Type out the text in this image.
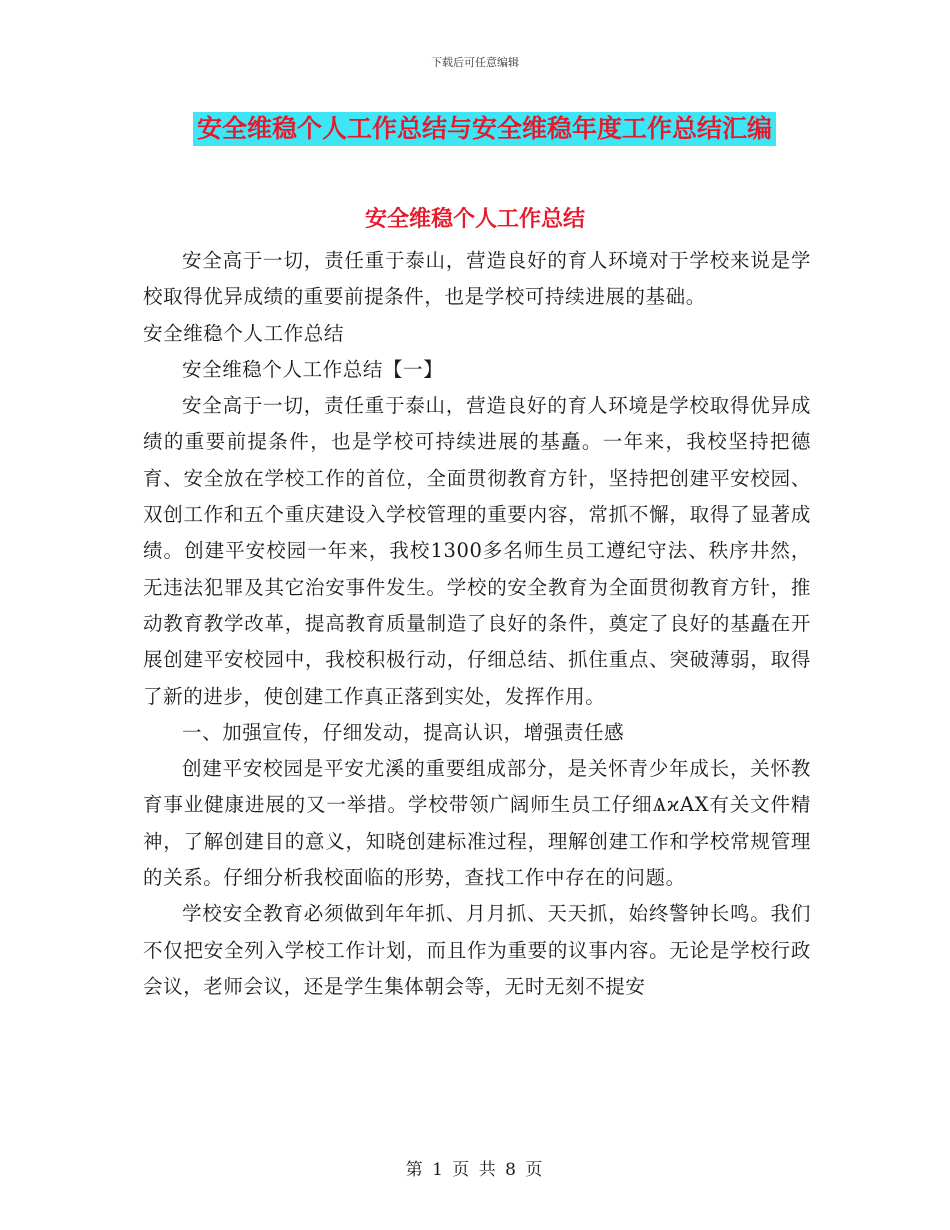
下载后可任意编辑
安全维稳个人工作总结与安全维稳年度工作总结汇编
安全维稳个人工作总结

安全高于一切，责任重于泰山，营造良好的育人环境对于学校来说是学校取得优异成绩的重要前提条件，也是学校可持续进展的基础。

安全维稳个人工作总结

安全维稳个人工作总结【一】

安全高于一切，责任重于泰山，营造良好的育人环境是学校取得优异成绩的重要前提条件，也是学校可持续进展的基矗。一年来，我校坚持把德育、安全放在学校工作的首位，全面贯彻教育方针，坚持把创建平安校园、双创工作和五个重庆建设入学校管理的重要内容，常抓不懈，取得了显著成绩。创建平安校园一年来，我校1300多名师生员工遵纪守法、秩序井然，无违法犯罪及其它治安事件发生。学校的安全教育为全面贯彻教育方针，推动教育教学改革，提高教育质量制造了良好的条件，奠定了良好的基矗在开展创建平安校园中，我校积极行动，仔细总结、抓住重点、突破薄弱，取得了新的进步，使创建工作真正落到实处，发挥作用。

一、加强宣传，仔细发动，提高认识，增强责任感

创建平安校园是平安尤溪的重要组成部分，是关怀青少年成长，关怀教育事业健康进展的又一举措。学校带领广阔师生员工仔细ѦϰAX有关文件精神，了解创建目的意义，知晓创建标准过程，理解创建工作和学校常规管理的关系。仔细分析我校面临的形势，查找工作中存在的问题。

学校安全教育必须做到年年抓、月月抓、天天抓，始终警钟长鸣。我们不仅把安全列入学校工作计划，而且作为重要的议事内容。无论是学校行政会议，老师会议，还是学生集体朝会等，无时无刻不提安

第 1 页 共 8 页
